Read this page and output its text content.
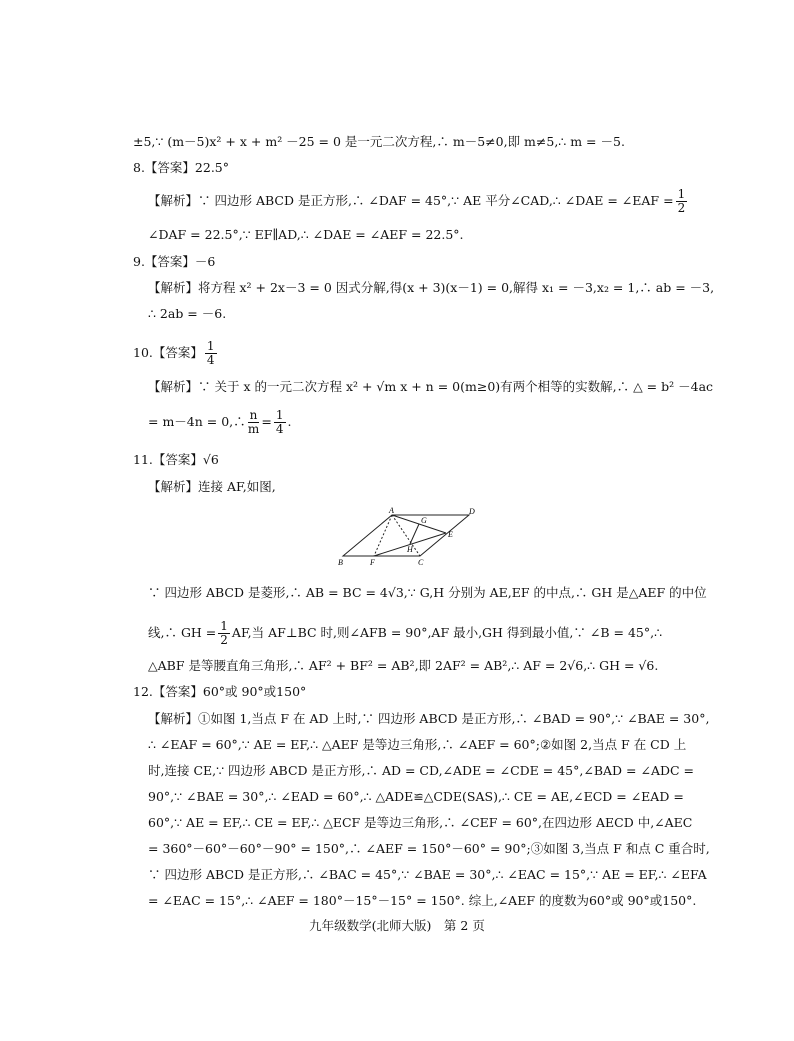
±5,∵ (m－5)x² + x + m² －25 = 0 是一元二次方程,∴ m－5≠0,即 m≠5,∴ m = －5.
8.【答案】22.5°
【解析】∵ 四边形 ABCD 是正方形,∴ ∠DAF = 45°,∵ AE 平分∠CAD,∴ ∠DAE = ∠EAF = $\frac{1}{2}$
∠DAF = 22.5°,∵ EF∥AD,∴ ∠DAE = ∠AEF = 22.5°.
9.【答案】－6
【解析】将方程 x² + 2x－3 = 0 因式分解,得(x + 3)(x－1) = 0,解得 x₁ = －3,x₂ = 1,∴ ab = －3,
∴ 2ab = －6.
10.【答案】 $\frac{1}{4}$
【解析】∵ 关于 x 的一元二次方程 x² + √m x + n = 0(m≥0)有两个相等的实数解,∴ △ = b² －4ac
= m－4n = 0,∴ $\frac{n}{m} = \frac{1}{4}$ .
11.【答案】√6
【解析】连接 AF,如图,
A	D
G
E
H
B	F	C
∵ 四边形 ABCD 是菱形,∴ AB = BC = 4√3,∵ G,H 分别为 AE,EF 的中点,∴ GH 是△AEF 的中位
线,∴ GH = $\frac{1}{2}$ AF,当 AF⊥BC 时,则∠AFB = 90°,AF 最小,GH 得到最小值,∵ ∠B = 45°,∴
△ABF 是等腰直角三角形,∴ AF² + BF² = AB²,即 2AF² = AB²,∴ AF = 2√6,∴ GH = √6.
12.【答案】60°或 90°或150°
【解析】①如图 1,当点 F 在 AD 上时,∵ 四边形 ABCD 是正方形,∴ ∠BAD = 90°,∵ ∠BAE = 30°,
∴ ∠EAF = 60°,∵ AE = EF,∴ △AEF 是等边三角形,∴ ∠AEF = 60°;②如图 2,当点 F 在 CD 上
时,连接 CE,∵ 四边形 ABCD 是正方形,∴ AD = CD,∠ADE = ∠CDE = 45°,∠BAD = ∠ADC =
90°,∵ ∠BAE = 30°,∴ ∠EAD = 60°,∴ △ADE≌△CDE(SAS),∴ CE = AE,∠ECD = ∠EAD =
60°,∵ AE = EF,∴ CE = EF,∴ △ECF 是等边三角形,∴ ∠CEF = 60°,在四边形 AECD 中,∠AEC
= 360°－60°－60°－90° = 150°,∴ ∠AEF = 150°－60° = 90°;③如图 3,当点 F 和点 C 重合时,
∵ 四边形 ABCD 是正方形,∴ ∠BAC = 45°,∵ ∠BAE = 30°,∴ ∠EAC = 15°,∵ AE = EF,∴ ∠EFA
= ∠EAC = 15°,∴ ∠AEF = 180°－15°－15° = 150°. 综上,∠AEF 的度数为60°或 90°或150°.
九年级数学(北师大版)　第 2 页
